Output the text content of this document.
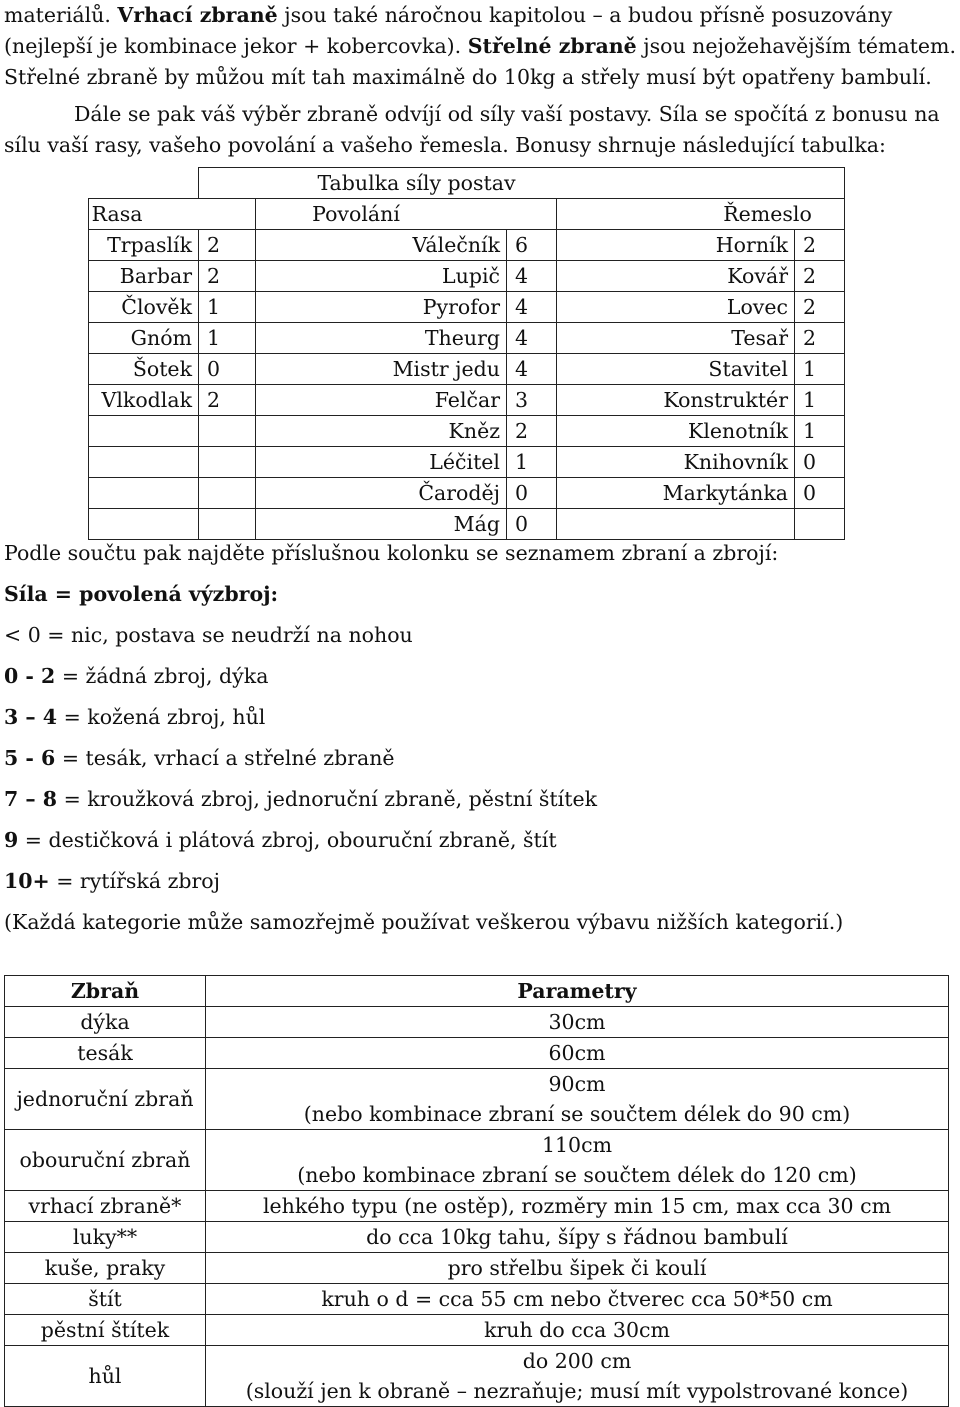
materiálů. Vrhací zbraně jsou také náročnou kapitolou – a budou přísně posuzovány

(nejlepší je kombinace jekor + kobercovka). Střelné zbraně jsou nejožehavějším tématem.

Střelné zbraně by můžou mít tah maximálně do 10kg a střely musí být opatřeny bambulí.

Dále se pak váš výběr zbraně odvíjí od síly vaší postavy. Síla se spočítá z bonusu na

sílu vaší rasy, vašeho povolání a vašeho řemesla. Bonusy shrnuje následující tabulka:

	Tabulka síly postav				
Rasa		Povolání		Řemeslo	
Trpaslík	2	Válečník	6	Horník	2
Barbar	2	Lupič	4	Kovář	2
Člověk	1	Pyrofor	4	Lovec	2
Gnóm	1	Theurg	4	Tesař	2
Šotek	0	Mistr jedu	4	Stavitel	1
Vlkodlak	2	Felčar	3	Konstruktér	1
		Kněz	2	Klenotník	1
		Léčitel	1	Knihovník	0
		Čaroděj	0	Markytánka	0
		Mág	0		

Podle součtu pak najděte příslušnou kolonku se seznamem zbraní a zbrojí:

Síla = povolená výzbroj:

< 0 = nic, postava se neudrží na nohou

0 - 2 = žádná zbroj, dýka

3 – 4 = kožená zbroj, hůl

5 - 6 = tesák, vrhací a střelné zbraně

7 – 8 = kroužková zbroj, jednoruční zbraně, pěstní štítek

9 = destičková i plátová zbroj, obouruční zbraně, štít

10+ = rytířská zbroj

(Každá kategorie může samozřejmě používat veškerou výbavu nižších kategorií.)

Zbraň	Parametry
dýka	30cm

tesák	60cm

jednoruční zbraň	90cm
(nebo kombinace zbraní se součtem délek do 90 cm)

obouruční zbraň	110cm
(nebo kombinace zbraní se součtem délek do 120 cm)

vrhací zbraně*	lehkého typu (ne ostěp), rozměry min 15 cm, max cca 30 cm

luky**	do cca 10kg tahu, šípy s řádnou bambulí

kuše, praky	pro střelbu šipek či koulí

štít	kruh o d = cca 55 cm nebo čtverec cca 50*50 cm

pěstní štítek	kruh do cca 30cm

hůl	do 200 cm
(slouží jen k obraně – nezraňuje; musí mít vypolstrované konce)
